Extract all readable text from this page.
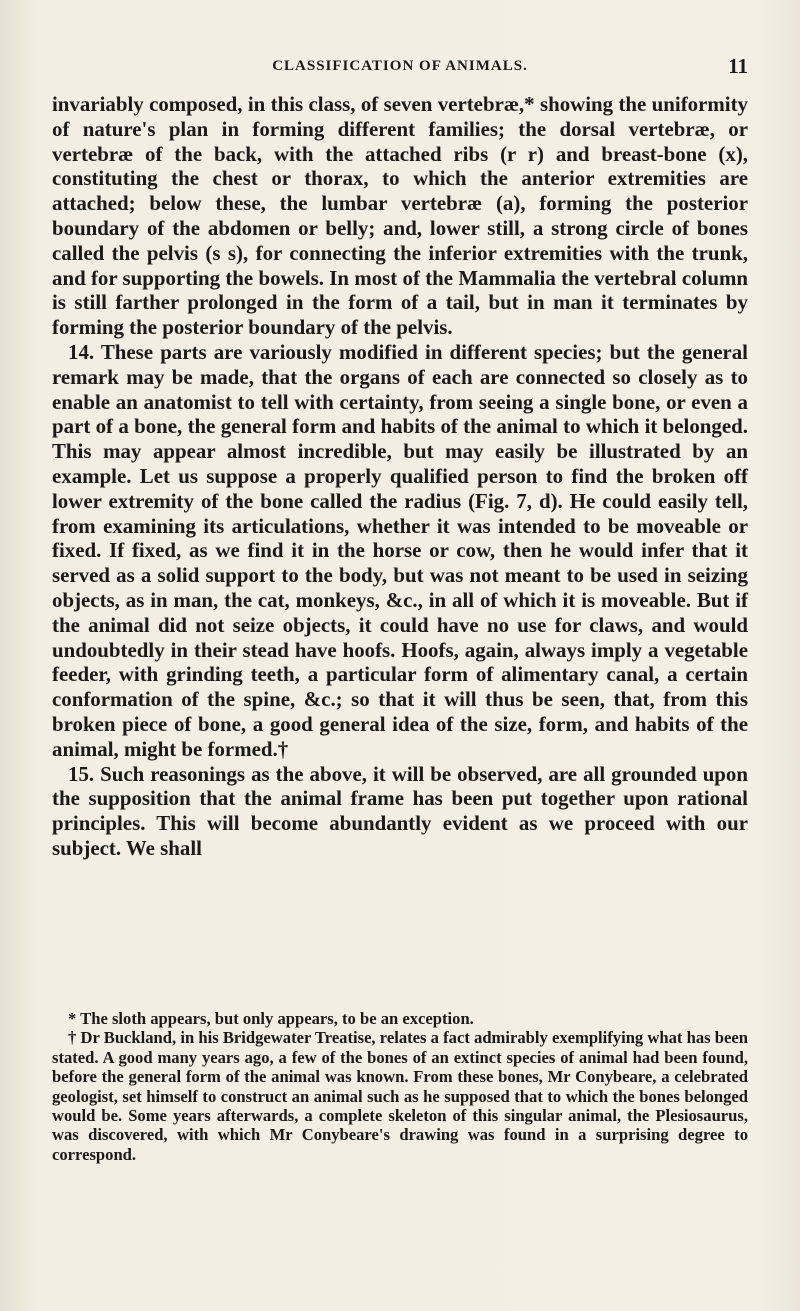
CLASSIFICATION OF ANIMALS.	11

invariably composed, in this class, of seven vertebræ,* showing the uniformity of nature's plan in forming different families; the dorsal vertebræ, or vertebræ of the back, with the attached ribs (r r) and breast-bone (x), constituting the chest or thorax, to which the anterior extremities are attached; below these, the lumbar vertebræ (a), forming the posterior boundary of the abdomen or belly; and, lower still, a strong circle of bones called the pelvis (s s), for connecting the inferior extremities with the trunk, and for supporting the bowels. In most of the Mammalia the vertebral column is still farther prolonged in the form of a tail, but in man it terminates by forming the posterior boundary of the pelvis.

14. These parts are variously modified in different species; but the general remark may be made, that the organs of each are connected so closely as to enable an anatomist to tell with certainty, from seeing a single bone, or even a part of a bone, the general form and habits of the animal to which it belonged. This may appear almost incredible, but may easily be illustrated by an example. Let us suppose a properly qualified person to find the broken off lower extremity of the bone called the radius (Fig. 7, d). He could easily tell, from examining its articulations, whether it was intended to be moveable or fixed. If fixed, as we find it in the horse or cow, then he would infer that it served as a solid support to the body, but was not meant to be used in seizing objects, as in man, the cat, monkeys, &c., in all of which it is moveable. But if the animal did not seize objects, it could have no use for claws, and would undoubtedly in their stead have hoofs. Hoofs, again, always imply a vegetable feeder, with grinding teeth, a particular form of alimentary canal, a certain conformation of the spine, &c.; so that it will thus be seen, that, from this broken piece of bone, a good general idea of the size, form, and habits of the animal, might be formed.†

15. Such reasonings as the above, it will be observed, are all grounded upon the supposition that the animal frame has been put together upon rational principles. This will become abundantly evident as we proceed with our subject. We shall

* The sloth appears, but only appears, to be an exception.

† Dr Buckland, in his Bridgewater Treatise, relates a fact admirably exemplifying what has been stated. A good many years ago, a few of the bones of an extinct species of animal had been found, before the general form of the animal was known. From these bones, Mr Conybeare, a celebrated geologist, set himself to construct an animal such as he supposed that to which the bones belonged would be. Some years afterwards, a complete skeleton of this singular animal, the Plesiosaurus, was discovered, with which Mr Conybeare's drawing was found in a surprising degree to correspond.
